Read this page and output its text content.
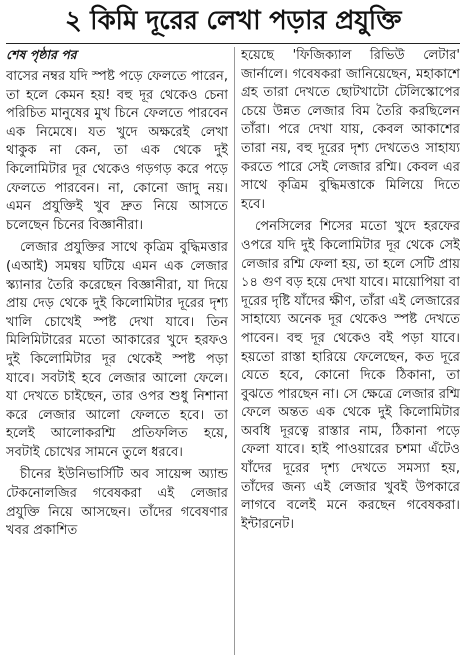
২ কিমি দূরের লেখা পড়ার প্রযুক্তি
শেষ পৃষ্ঠার পর

বাসের নম্বর যদি স্পষ্ট পড়ে ফেলতে পারেন, তা হলে কেমন হয়! বহু দূর থেকেও চেনা পরিচিত মানুষের মুখ চিনে ফেলতে পারবেন এক নিমেষে। যত খুদে অক্ষরেই লেখা থাকুক না কেন, তা এক থেকে দুই কিলোমিটার দূর থেকেও গড়গড় করে পড়ে ফেলতে পারবেন। না, কোনো জাদু নয়। এমন প্রযুক্তিই খুব দ্রুত নিয়ে আসতে চলেছেন চিনের বিজ্ঞানীরা।

লেজার প্রযুক্তির সাথে কৃত্রিম বুদ্ধিমত্তার (এআই) সমন্বয় ঘটিয়ে এমন এক লেজার স্ক্যানার তৈরি করেছেন বিজ্ঞানীরা, যা দিয়ে প্রায় দেড় থেকে দুই কিলোমিটার দূরের দৃশ্য খালি চোখেই স্পষ্ট দেখা যাবে। তিন মিলিমিটারের মতো আকারের খুদে হরফও দুই কিলোমিটার দূর থেকেই স্পষ্ট পড়া যাবে। সবটাই হবে লেজার আলো ফেলে। যা দেখতে চাইছেন, তার ওপর শুধু নিশানা করে লেজার আলো ফেলতে হবে। তা হলেই আলোকরশ্মি প্রতিফলিত হয়ে, সবটাই চোখের সামনে তুলে ধরবে।

চীনের ইউনিভার্সিটি অব সায়েন্স অ্যান্ড টেকনোলজির গবেষকরা এই লেজার প্রযুক্তি নিয়ে আসছেন। তাঁদের গবেষণার খবর প্রকাশিত

হয়েছে 'ফিজিক্যাল রিভিউ লেটার' জার্নালে। গবেষকরা জানিয়েছেন, মহাকাশে গ্রহ তারা দেখতে ছোটখাটো টেলিস্কোপের চেয়ে উন্নত লেজার বিম তৈরি করছিলেন তাঁরা। পরে দেখা যায়, কেবল আকাশের তারা নয়, বহু দূরের দৃশ্য দেখতেও সাহায্য করতে পারে সেই লেজার রশ্মি। কেবল এর সাথে কৃত্রিম বুদ্ধিমত্তাকে মিলিয়ে দিতে হবে।

পেনসিলের শিসের মতো খুদে হরফের ওপরে যদি দুই কিলোমিটার দূর থেকে সেই লেজার রশ্মি ফেলা হয়, তা হলে সেটি প্রায় ১৪ গুণ বড় হয়ে দেখা যাবে। মায়োপিয়া বা দূরের দৃষ্টি যাঁদের ক্ষীণ, তাঁরা এই লেজারের সাহায্যে অনেক দূর থেকেও স্পষ্ট দেখতে পাবেন। বহু দূর থেকেও বই পড়া যাবে। হয়তো রাস্তা হারিয়ে ফেলেছেন, কত দূরে যেতে হবে, কোনো দিকে ঠিকানা, তা বুঝতে পারছেন না। সে ক্ষেত্রে লেজার রশ্মি ফেলে অন্তত এক থেকে দুই কিলোমিটার অবধি দূরত্বে রাস্তার নাম, ঠিকানা পড়ে ফেলা যাবে। হাই পাওয়ারের চশমা এঁটেও যাঁদের দূরের দৃশ্য দেখতে সমস্যা হয়, তাঁদের জন্য এই লেজার খুবই উপকারে লাগবে বলেই মনে করছেন গবেষকরা। ইন্টারনেট।
